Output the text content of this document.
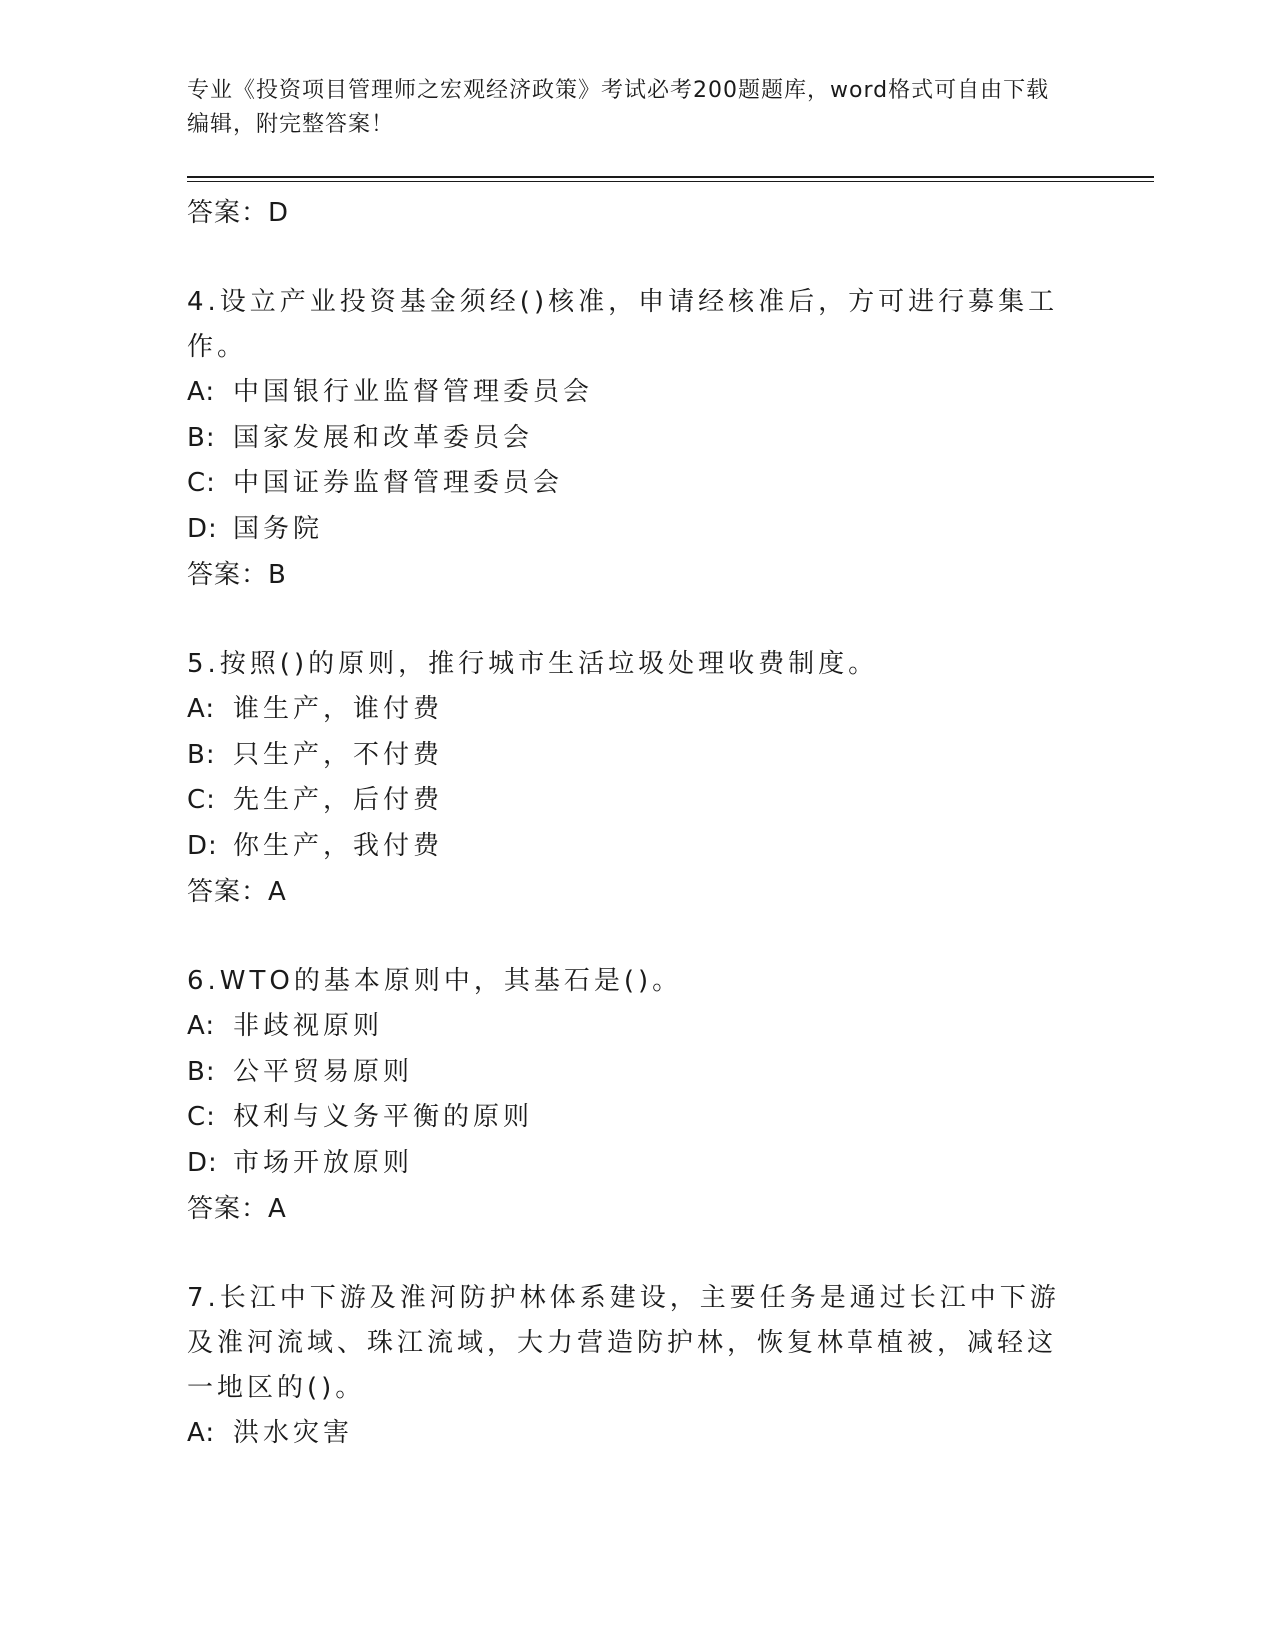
专业《投资项目管理师之宏观经济政策》考试必考200题题库，word格式可自由下载编辑，附完整答案！
答案：D
4.设立产业投资基金须经()核准，申请经核准后，方可进行募集工作。
A: 中国银行业监督管理委员会
B: 国家发展和改革委员会
C: 中国证券监督管理委员会
D: 国务院
答案：B
5.按照()的原则，推行城市生活垃圾处理收费制度。
A: 谁生产，谁付费
B: 只生产，不付费
C: 先生产，后付费
D: 你生产，我付费
答案：A
6.WTO的基本原则中，其基石是()。
A: 非歧视原则
B: 公平贸易原则
C: 权利与义务平衡的原则
D: 市场开放原则
答案：A
7.长江中下游及淮河防护林体系建设，主要任务是通过长江中下游及淮河流域、珠江流域，大力营造防护林，恢复林草植被，减轻这一地区的()。
A: 洪水灾害
